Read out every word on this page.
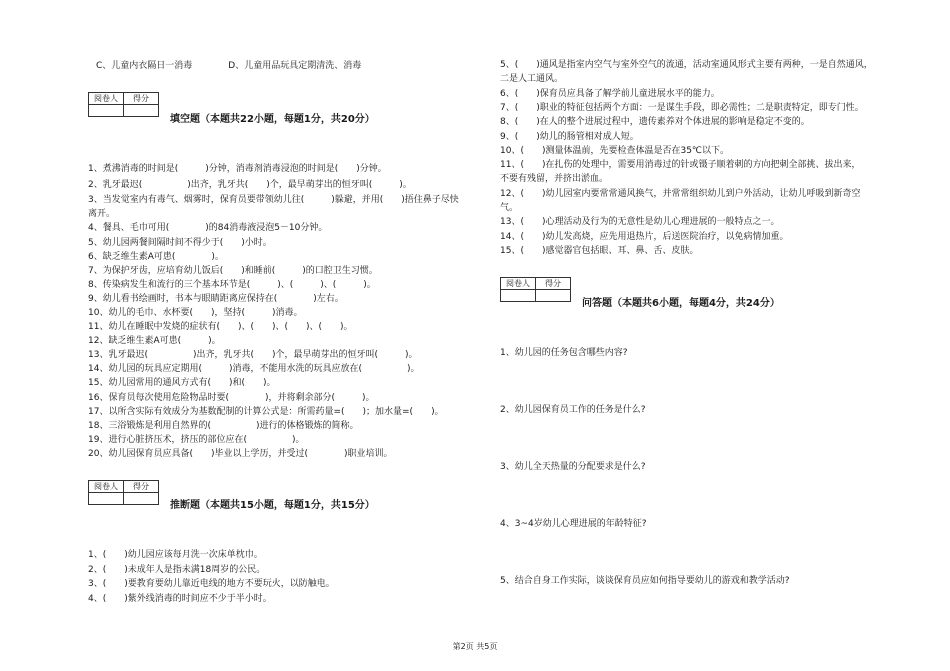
C、儿童内衣隔日一消毒　　　　D、儿童用品玩具定期清洗、消毒
阅卷人	得分

填空题（本题共22小题，每题1分，共20分）
1、煮沸消毒的时间是(　　　)分钟，消毒剂消毒浸泡的时间是(　　)分钟。
2、乳牙最迟(　　　　　)出齐，乳牙共(　　)个，最早萌芽出的恒牙叫(　　　)。
3、当发觉室内有毒气、烟雾时，保育员要带领幼儿往(　　　)躲避，并用(　　)捂住鼻子尽快
离开。
4、餐具、毛巾可用(　　　　)的84消毒液浸泡5－10分钟。
5、幼儿园两餐间隔时间不得少于(　　)小时。
6、缺乏维生素A可患(　　　　)。
7、为保护牙齿，应培育幼儿饭后(　　)和睡前(　　　)的口腔卫生习惯。
8、传染病发生和流行的三个基本环节是(　　　)、(　　　)、(　　　)。
9、幼儿看书绘画时，书本与眼睛距离应保持在(　　　　)左右。
10、幼儿的毛巾、水杯要(　　)，坚持(　　　)消毒。
11、幼儿在睡眠中发烧的症状有(　　)、(　　)、(　　)、(　　)。
12、缺乏维生素A可患(　　　)。
13、乳牙最迟(　　　　　)出齐，乳牙共(　　)个，最早萌芽出的恒牙叫(　　　)。
14、幼儿园的玩具应定期用(　　　)消毒，不能用水洗的玩具应放在(　　　　　)。
15、幼儿园常用的通风方式有(　　)和(　　)。
16、保育员每次使用危险物品时要(　　　　)，并将剩余部分(　　　)。
17、以所含实际有效成分为基数配制的计算公式是：所需药量=(　　)；加水量=(　　)。
18、三浴锻炼是利用自然界的(　　　　　)进行的体格锻炼的简称。
19、进行心脏挤压术，挤压的部位应在(　　　　　)。
20、幼儿园保育员应具备(　　)毕业以上学历，并受过(　　　　)职业培训。
阅卷人	得分

推断题（本题共15小题，每题1分，共15分）
1、(　　)幼儿园应该每月洗一次床单枕巾。
2、(　　)未成年人是指未满18周岁的公民。
3、(　　)要教育要幼儿靠近电线的地方不要玩火，以防触电。
4、(　　)紫外线消毒的时间应不少于半小时。
5、(　　)通风是指室内空气与室外空气的流通，活动室通风形式主要有两种，一是自然通风，
二是人工通风。
6、(　　)保育员应具备了解学前儿童进展水平的能力。
7、(　　)职业的特征包括两个方面：一是谋生手段，即必需性；二是职责特定，即专门性。
8、(　　)在人的整个进展过程中，遗传素养对个体进展的影响是稳定不变的。
9、(　　)幼儿的肠管相对成人短。
10、(　　)测量体温前，先要检查体温是否在35℃以下。
11、(　　)在扎伤的处理中，需要用消毒过的针或镊子顺着刺的方向把刺全部挑、拔出来，
不要有残留，并挤出淤血。
12、(　　)幼儿园室内要常常通风换气，并常常组织幼儿到户外活动，让幼儿呼吸到新奇空
气。
13、(　　)心理活动及行为的无意性是幼儿心理进展的一般特点之一。
14、(　　)幼儿发高烧，应先用退热片，后送医院治疗，以免病情加重。
15、(　　)感觉器官包括眼、耳、鼻、舌、皮肤。
阅卷人	得分

问答题（本题共6小题，每题4分，共24分）
1、幼儿园的任务包含哪些内容?
2、幼儿园保育员工作的任务是什么?
3、幼儿全天热量的分配要求是什么?
4、3~4岁幼儿心理进展的年龄特征?
5、结合自身工作实际，谈谈保育员应如何指导要幼儿的游戏和教学活动?
第2页 共5页
